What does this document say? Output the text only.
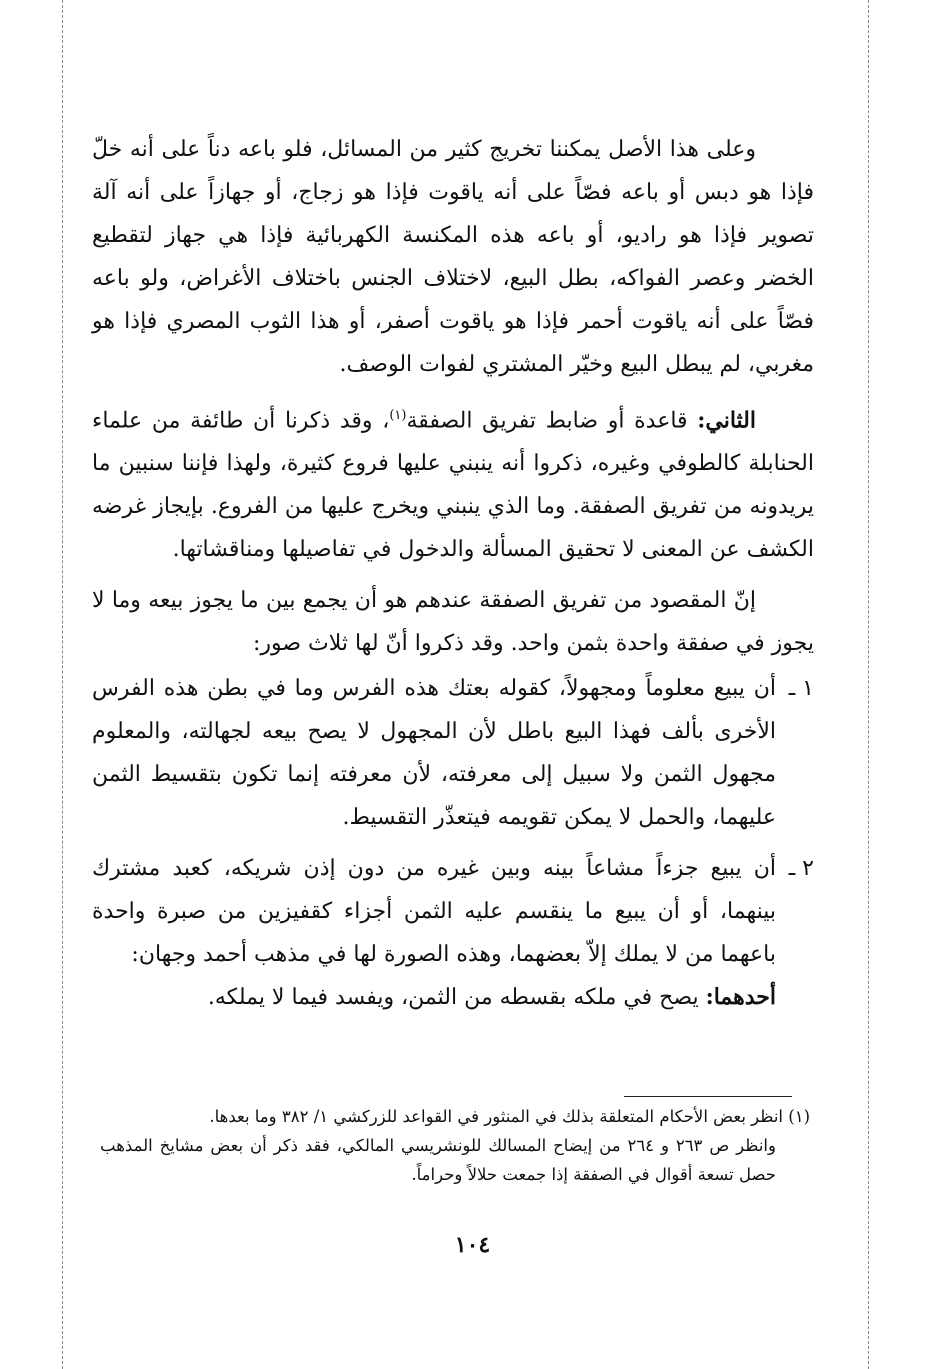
وعلى هذا الأصل يمكننا تخريج كثير من المسائل، فلو باعه دناً على أنه خلّ فإذا هو دبس أو باعه فصّاً على أنه ياقوت فإذا هو زجاج، أو جهازاً على أنه آلة تصوير فإذا هو راديو، أو باعه هذه المكنسة الكهربائية فإذا هي جهاز لتقطيع الخضر وعصر الفواكه، بطل البيع، لاختلاف الجنس باختلاف الأغراض، ولو باعه فصّاً على أنه ياقوت أحمر فإذا هو ياقوت أصفر، أو هذا الثوب المصري فإذا هو مغربي، لم يبطل البيع وخيّر المشتري لفوات الوصف.

الثاني: قاعدة أو ضابط تفريق الصفقة$^{(١)}$، وقد ذكرنا أن طائفة من علماء الحنابلة كالطوفي وغيره، ذكروا أنه ينبني عليها فروع كثيرة، ولهذا فإننا سنبين ما يريدونه من تفريق الصفقة. وما الذي ينبني ويخرج عليها من الفروع. بإيجاز غرضه الكشف عن المعنى لا تحقيق المسألة والدخول في تفاصيلها ومناقشاتها.

إنّ المقصود من تفريق الصفقة عندهم هو أن يجمع بين ما يجوز بيعه وما لا يجوز في صفقة واحدة بثمن واحد. وقد ذكروا أنّ لها ثلاث صور:

١ ـ
أن يبيع معلوماً ومجهولاً، كقوله بعتك هذه الفرس وما في بطن هذه الفرس الأخرى بألف فهذا البيع باطل لأن المجهول لا يصح بيعه لجهالته، والمعلوم مجهول الثمن ولا سبيل إلى معرفته، لأن معرفته إنما تكون بتقسيط الثمن عليهما، والحمل لا يمكن تقويمه فيتعذّر التقسيط.
٢ ـ
أن يبيع جزءاً مشاعاً بينه وبين غيره من دون إذن شريكه، كعبد مشترك بينهما، أو أن يبيع ما ينقسم عليه الثمن أجزاء كقفيزين من صبرة واحدة باعهما من لا يملك إلاّ بعضهما، وهذه الصورة لها في مذهب أحمد وجهان:

أحدهما: يصح في ملكه بقسطه من الثمن، ويفسد فيما لا يملكه.

(١) انظر بعض الأحكام المتعلقة بذلك في المنثور في القواعد للزركشي ١/ ٣٨٢ وما بعدها.

وانظر ص ٢٦٣ و ٢٦٤ من إيضاح المسالك للونشريسي المالكي، فقد ذكر أن بعض مشايخ المذهب حصل تسعة أقوال في الصفقة إذا جمعت حلالاً وحراماً.

١٠٤
